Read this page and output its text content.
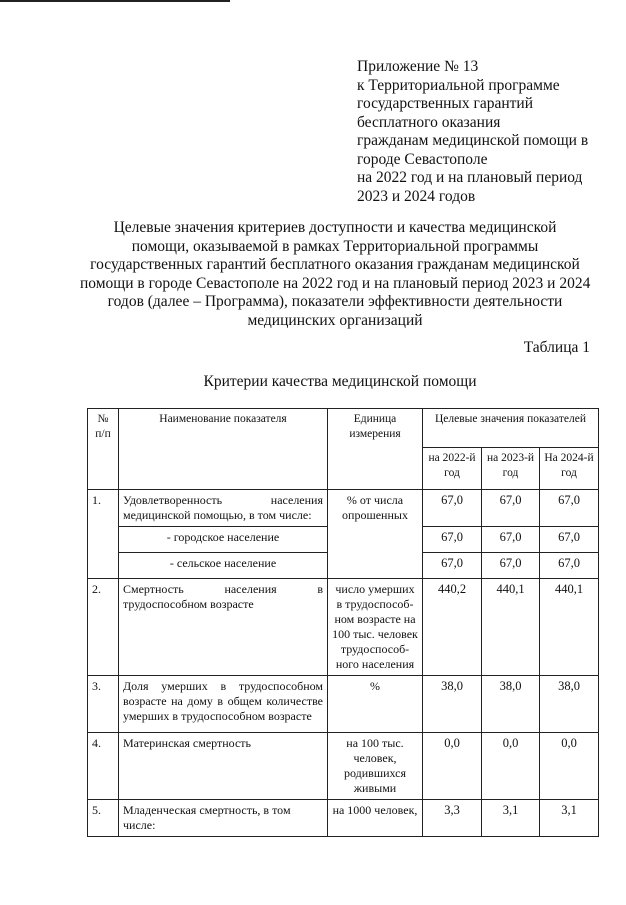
Приложение № 13
к Территориальной программе
государственных гарантий
бесплатного оказания
гражданам медицинской помощи в
городе Севастополе
на 2022 год и на плановый период
2023 и 2024 годов
Целевые значения критериев доступности и качества медицинской
помощи, оказываемой в рамках Территориальной программы
государственных гарантий бесплатного оказания гражданам медицинской
помощи в городе Севастополе на 2022 год и на плановый период 2023 и 2024
годов (далее – Программа), показатели эффективности деятельности
медицинских организаций
Таблица 1
Критерии качества медицинской помощи
№ п/п	Наименование показателя	Единица измерения	Целевые значения показателей		
			на 2022-й год	на 2023-й год	На 2024-й год
1.	Удовлетворенность населения медицинской помощью, в том числе:	% от числа опрошенных	67,0	67,0	67,0
	- городское население		67,0	67,0	67,0
	- сельское население		67,0	67,0	67,0
2.	Смертность населения в трудоспособном возрасте	число умерших в трудоспособ-ном возрасте на 100 тыс. человек трудоспособ-ного населения	440,2	440,1	440,1
3.	Доля умерших в трудоспособном возрасте на дому в общем количестве умерших в трудоспособном возрасте	%	38,0	38,0	38,0
4.	Материнская смертность	на 100 тыс. человек, родившихся живыми	0,0	0,0	0,0
5.	Младенческая смертность, в том числе:	на 1000 человек,	3,3	3,1	3,1
